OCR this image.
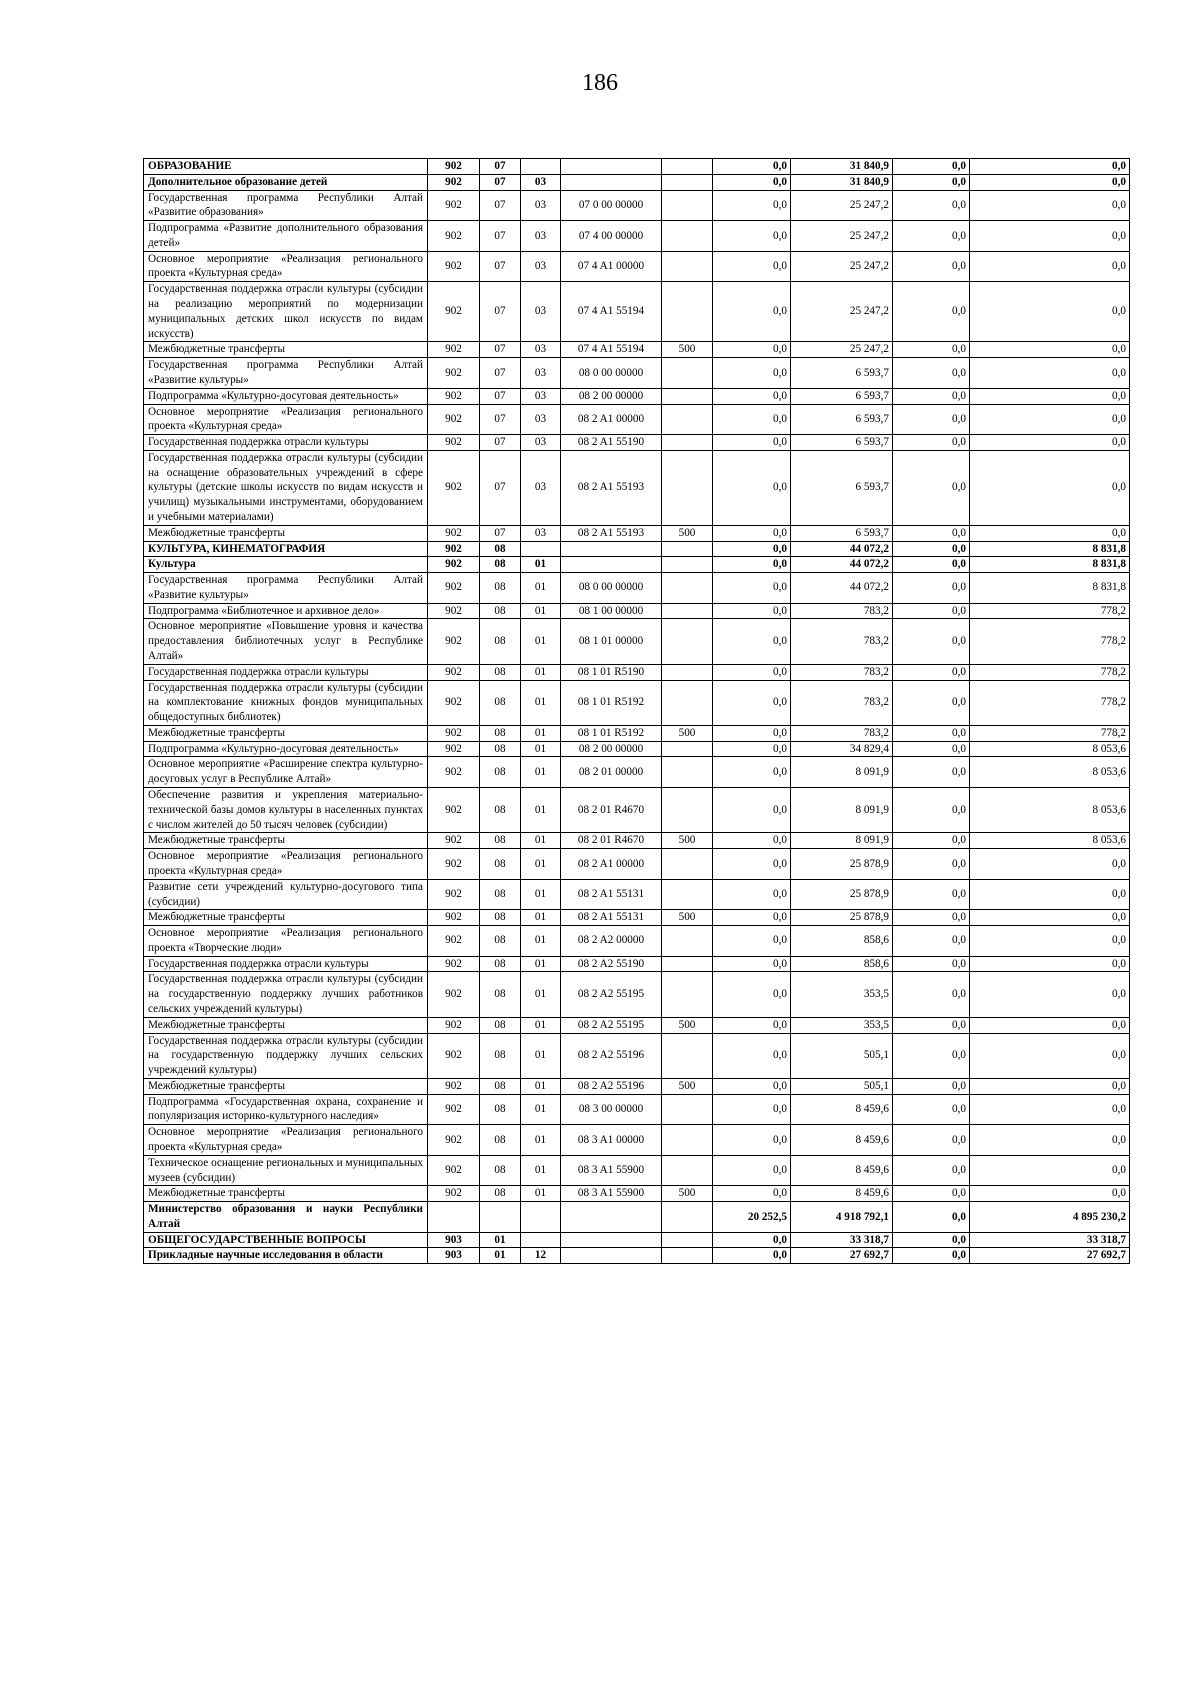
186
ОБРАЗОВАНИЕ	902	07				0,0	31 840,9	0,0	0,0
Дополнительное образование детей	902	07	03			0,0	31 840,9	0,0	0,0
Государственная программа Республики Алтай «Развитие образования»	902	07	03	07 0 00 00000		0,0	25 247,2	0,0	0,0
Подпрограмма «Развитие дополнительного образования детей»	902	07	03	07 4 00 00000		0,0	25 247,2	0,0	0,0
Основное мероприятие «Реализация регионального проекта «Культурная среда»	902	07	03	07 4 A1 00000		0,0	25 247,2	0,0	0,0
Государственная поддержка отрасли культуры (субсидии на реализацию мероприятий по модернизации муниципальных детских школ искусств по видам искусств)	902	07	03	07 4 A1 55194		0,0	25 247,2	0,0	0,0
Межбюджетные трансферты	902	07	03	07 4 A1 55194	500	0,0	25 247,2	0,0	0,0
Государственная программа Республики Алтай «Развитие культуры»	902	07	03	08 0 00 00000		0,0	6 593,7	0,0	0,0
Подпрограмма «Культурно-досуговая деятельность»	902	07	03	08 2 00 00000		0,0	6 593,7	0,0	0,0
Основное мероприятие «Реализация регионального проекта «Культурная среда»	902	07	03	08 2 A1 00000		0,0	6 593,7	0,0	0,0
Государственная поддержка отрасли культуры	902	07	03	08 2 A1 55190		0,0	6 593,7	0,0	0,0
Государственная поддержка отрасли культуры (субсидии на оснащение образовательных учреждений в сфере культуры (детские школы искусств по видам искусств и училищ) музыкальными инструментами, оборудованием и учебными материалами)	902	07	03	08 2 A1 55193		0,0	6 593,7	0,0	0,0
Межбюджетные трансферты	902	07	03	08 2 A1 55193	500	0,0	6 593,7	0,0	0,0
КУЛЬТУРА, КИНЕМАТОГРАФИЯ	902	08				0,0	44 072,2	0,0	8 831,8
Культура	902	08	01			0,0	44 072,2	0,0	8 831,8
Государственная программа Республики Алтай «Развитие культуры»	902	08	01	08 0 00 00000		0,0	44 072,2	0,0	8 831,8
Подпрограмма «Библиотечное и архивное дело»	902	08	01	08 1 00 00000		0,0	783,2	0,0	778,2
Основное мероприятие «Повышение уровня и качества предоставления библиотечных услуг в Республике Алтай»	902	08	01	08 1 01 00000		0,0	783,2	0,0	778,2
Государственная поддержка отрасли культуры	902	08	01	08 1 01 R5190		0,0	783,2	0,0	778,2
Государственная поддержка отрасли культуры (субсидии на комплектование книжных фондов муниципальных общедоступных библиотек)	902	08	01	08 1 01 R5192		0,0	783,2	0,0	778,2
Межбюджетные трансферты	902	08	01	08 1 01 R5192	500	0,0	783,2	0,0	778,2
Подпрограмма «Культурно-досуговая деятельность»	902	08	01	08 2 00 00000		0,0	34 829,4	0,0	8 053,6
Основное мероприятие «Расширение спектра культурно-досуговых услуг в Республике Алтай»	902	08	01	08 2 01 00000		0,0	8 091,9	0,0	8 053,6
Обеспечение развития и укрепления материально-технической базы домов культуры в населенных пунктах с числом жителей до 50 тысяч человек (субсидии)	902	08	01	08 2 01 R4670		0,0	8 091,9	0,0	8 053,6
Межбюджетные трансферты	902	08	01	08 2 01 R4670	500	0,0	8 091,9	0,0	8 053,6
Основное мероприятие «Реализация регионального проекта «Культурная среда»	902	08	01	08 2 A1 00000		0,0	25 878,9	0,0	0,0
Развитие сети учреждений культурно-досугового типа (субсидии)	902	08	01	08 2 A1 55131		0,0	25 878,9	0,0	0,0
Межбюджетные трансферты	902	08	01	08 2 A1 55131	500	0,0	25 878,9	0,0	0,0
Основное мероприятие «Реализация регионального проекта «Творческие люди»	902	08	01	08 2 A2 00000		0,0	858,6	0,0	0,0
Государственная поддержка отрасли культуры	902	08	01	08 2 A2 55190		0,0	858,6	0,0	0,0
Государственная поддержка отрасли культуры (субсидии на государственную поддержку лучших работников сельских учреждений культуры)	902	08	01	08 2 A2 55195		0,0	353,5	0,0	0,0
Межбюджетные трансферты	902	08	01	08 2 A2 55195	500	0,0	353,5	0,0	0,0
Государственная поддержка отрасли культуры (субсидии на государственную поддержку лучших сельских учреждений культуры)	902	08	01	08 2 A2 55196		0,0	505,1	0,0	0,0
Межбюджетные трансферты	902	08	01	08 2 A2 55196	500	0,0	505,1	0,0	0,0
Подпрограмма «Государственная охрана, сохранение и популяризация историко-культурного наследия»	902	08	01	08 3 00 00000		0,0	8 459,6	0,0	0,0
Основное мероприятие «Реализация регионального проекта «Культурная среда»	902	08	01	08 3 A1 00000		0,0	8 459,6	0,0	0,0
Техническое оснащение региональных и муниципальных музеев (субсидии)	902	08	01	08 3 A1 55900		0,0	8 459,6	0,0	0,0
Межбюджетные трансферты	902	08	01	08 3 A1 55900	500	0,0	8 459,6	0,0	0,0
Министерство образования и науки Республики Алтай						20 252,5	4 918 792,1	0,0	4 895 230,2
ОБЩЕГОСУДАРСТВЕННЫЕ ВОПРОСЫ	903	01				0,0	33 318,7	0,0	33 318,7
Прикладные научные исследования в области	903	01	12			0,0	27 692,7	0,0	27 692,7
